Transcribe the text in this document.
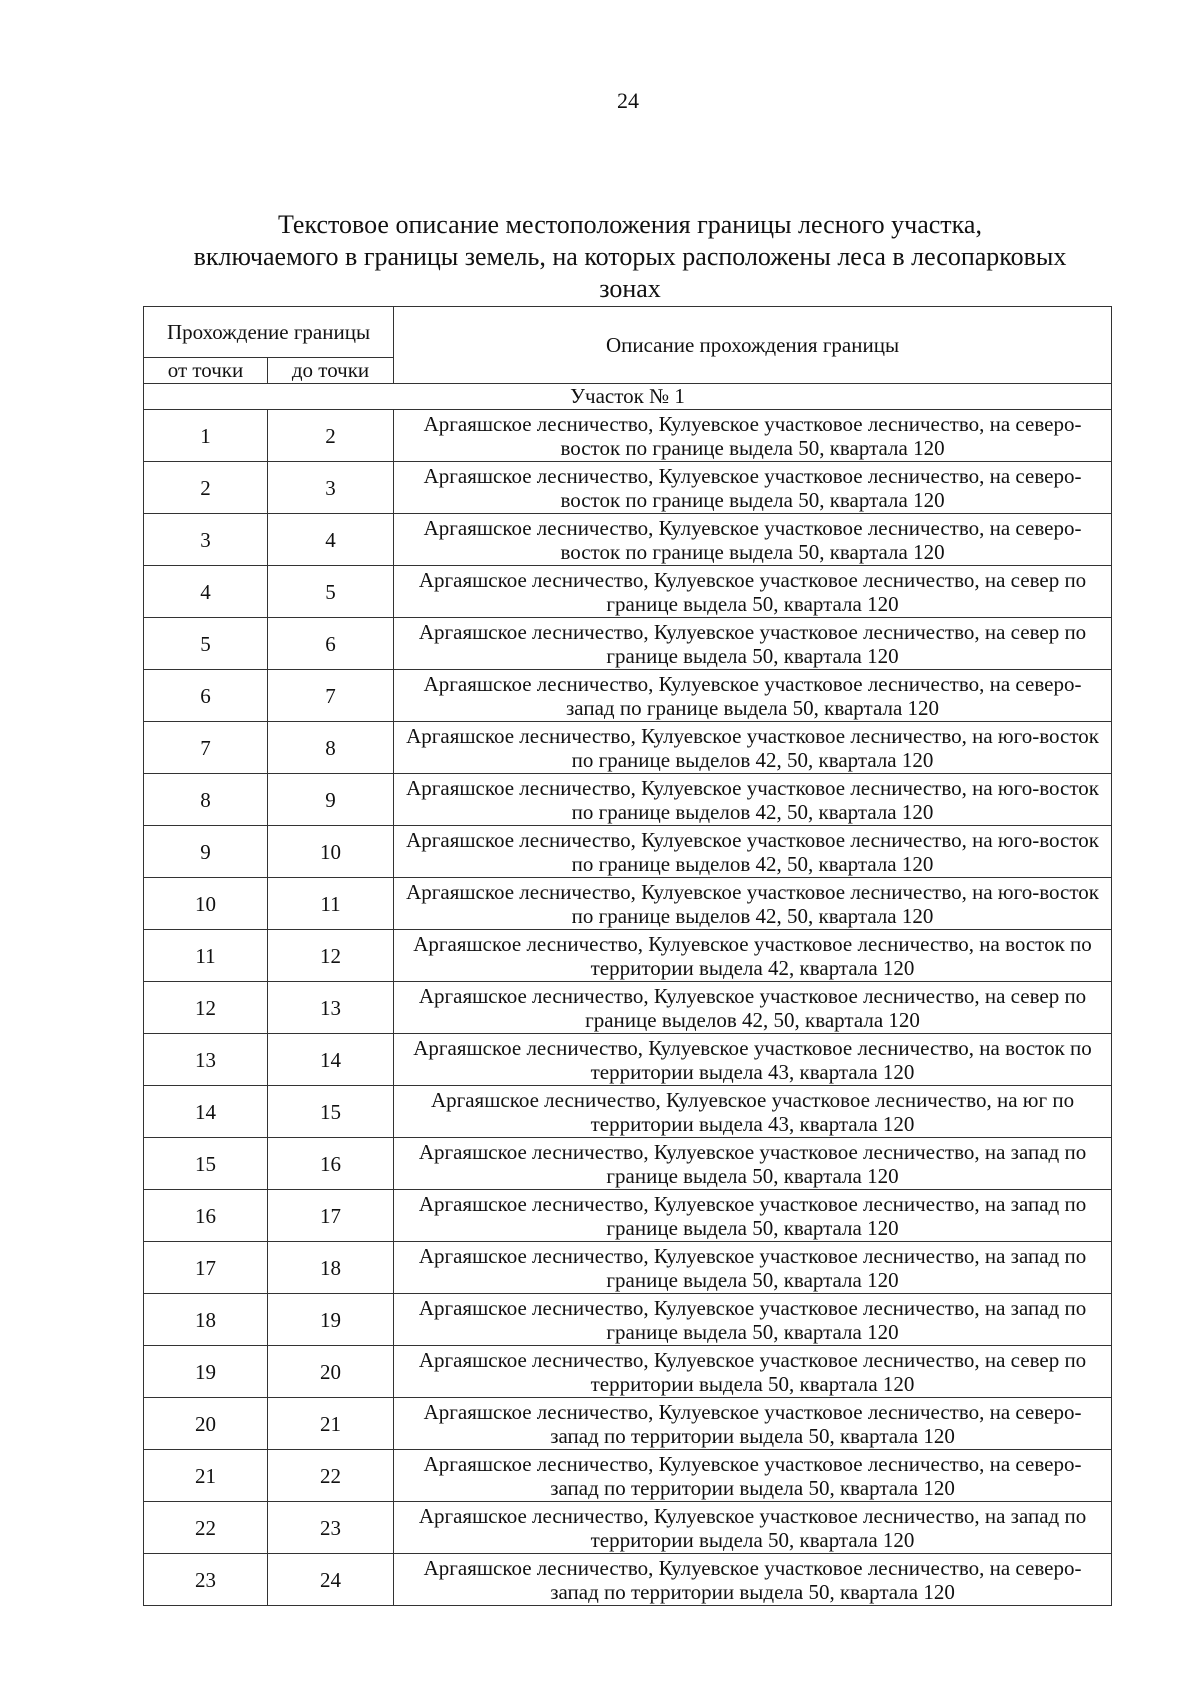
24
Текстовое описание местоположения границы лесного участка,
включаемого в границы земель, на которых расположены леса в лесопарковых
зонах
Прохождение границы		Описание прохождения границы
от точки	до точки	
Участок № 1		
1	2	Аргаяшское лесничество, Кулуевское участковое лесничество, на северо-восток по границе выдела 50, квартала 120
2	3	Аргаяшское лесничество, Кулуевское участковое лесничество, на северо-восток по границе выдела 50, квартала 120
3	4	Аргаяшское лесничество, Кулуевское участковое лесничество, на северо-восток по границе выдела 50, квартала 120
4	5	Аргаяшское лесничество, Кулуевское участковое лесничество, на север по границе выдела 50, квартала 120
5	6	Аргаяшское лесничество, Кулуевское участковое лесничество, на север по границе выдела 50, квартала 120
6	7	Аргаяшское лесничество, Кулуевское участковое лесничество, на северо-запад по границе выдела 50, квартала 120
7	8	Аргаяшское лесничество, Кулуевское участковое лесничество, на юго-восток по границе выделов 42, 50, квартала 120
8	9	Аргаяшское лесничество, Кулуевское участковое лесничество, на юго-восток по границе выделов 42, 50, квартала 120
9	10	Аргаяшское лесничество, Кулуевское участковое лесничество, на юго-восток по границе выделов 42, 50, квартала 120
10	11	Аргаяшское лесничество, Кулуевское участковое лесничество, на юго-восток по границе выделов 42, 50, квартала 120
11	12	Аргаяшское лесничество, Кулуевское участковое лесничество, на восток по территории выдела 42, квартала 120
12	13	Аргаяшское лесничество, Кулуевское участковое лесничество, на север по границе выделов 42, 50, квартала 120
13	14	Аргаяшское лесничество, Кулуевское участковое лесничество, на восток по территории выдела 43, квартала 120
14	15	Аргаяшское лесничество, Кулуевское участковое лесничество, на юг по территории выдела 43, квартала 120
15	16	Аргаяшское лесничество, Кулуевское участковое лесничество, на запад по границе выдела 50, квартала 120
16	17	Аргаяшское лесничество, Кулуевское участковое лесничество, на запад по границе выдела 50, квартала 120
17	18	Аргаяшское лесничество, Кулуевское участковое лесничество, на запад по границе выдела 50, квартала 120
18	19	Аргаяшское лесничество, Кулуевское участковое лесничество, на запад по границе выдела 50, квартала 120
19	20	Аргаяшское лесничество, Кулуевское участковое лесничество, на север по территории выдела 50, квартала 120
20	21	Аргаяшское лесничество, Кулуевское участковое лесничество, на северо-запад по территории выдела 50, квартала 120
21	22	Аргаяшское лесничество, Кулуевское участковое лесничество, на северо-запад по территории выдела 50, квартала 120
22	23	Аргаяшское лесничество, Кулуевское участковое лесничество, на запад по территории выдела 50, квартала 120
23	24	Аргаяшское лесничество, Кулуевское участковое лесничество, на северо-запад по территории выдела 50, квартала 120
